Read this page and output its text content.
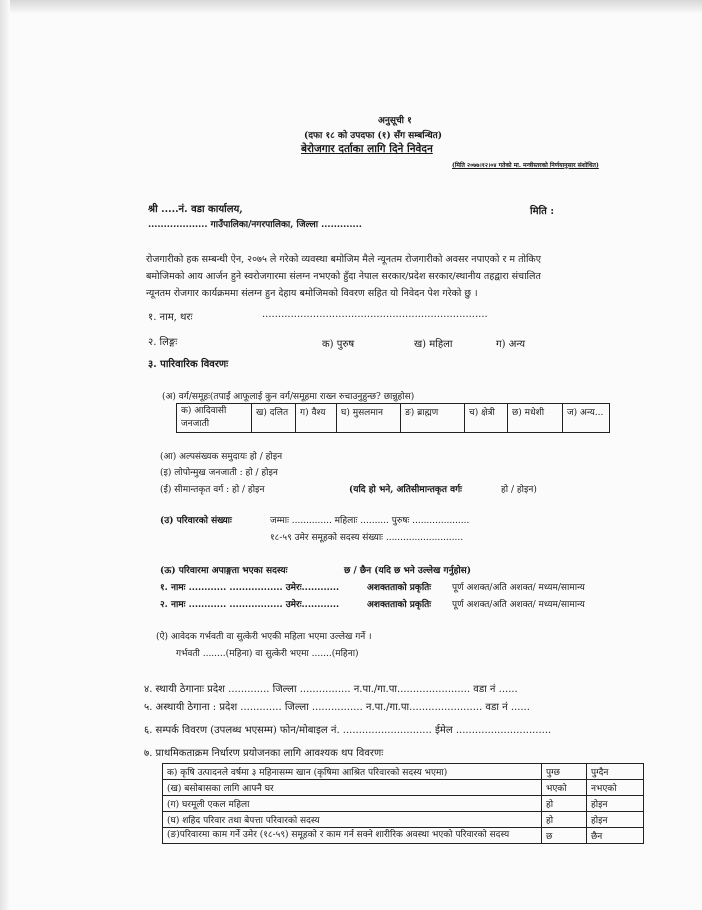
अनुसूची १
(दफा १८ को उपदफा (१) सँग सम्बन्धित)
बेरोजगार दर्ताका लागि दिने निवेदन
(मिति २०७७।१२।०४ गतेको मा. मन्त्रीस्तरको निर्णयानुसार संशोधित)
श्री .....नं. वडा कार्यालय,	मिति :
................... गाउँपालिका/नगरपालिका, जिल्ला .............
रोजगारीको हक सम्बन्धी ऐन, २०७५ ले गरेको व्यवस्था बमोजिम मैले न्यूनतम रोजगारीको अवसर नपाएको र म तोकिए
बमोजिमको आय आर्जन हुने स्वरोजगारमा संलग्न नभएको हुँदा नेपाल सरकार/प्रदेश सरकार/स्थानीय तहद्वारा संचालित
न्यूनतम रोजगार कार्यक्रममा संलग्न हुन देहाय बमोजिमको विवरण सहित यो निवेदन पेश गरेको छु ।
१. नाम, थरः	.......................................................................
२. लिङ्गः	क) पुरुष	ख) महिला	ग) अन्य
३. पारिवारिक विवरणः
(अ) वर्ग/समूहः(तपाईं आफूलाई कुन वर्ग/समूहमा राख्न रुचाउनुहुन्छ? छान्नुहोस)
क) आदिवासी जनजाती	ख) दलित	ग) वैश्य	घ) मुसलमान	ङ) ब्राह्मण	च) क्षेत्री	छ) मधेशी	ज) अन्य...
(आ) अल्पसंख्यक समुदायः हो / होइन
(इ) लोपोन्मुख जनजाती : हो / होइन
(ई) सीमान्तकृत वर्ग : हो / होइन	(यदि हो भने, अतिसीमान्तकृत वर्गः	हो / होइन)
(उ) परिवारको संख्याः	जम्माः .............. महिलाः .......... पुरुषः ....................
१८-५९ उमेर समूहको सदस्य संख्याः ...........................
(ऊ) परिवारमा अपाङ्गता भएका सदस्यः	छ / छैन (यदि छ भने उल्लेख गर्नुहोस)
१. नामः ............ ................. उमेरः............	अशक्तताको प्रकृतिः पूर्ण अशक्त/अति अशक्त/ मध्यम/सामान्य
२. नामः ............ ................. उमेरः............	अशक्तताको प्रकृतिः पूर्ण अशक्त/अति अशक्त/ मध्यम/सामान्य
(ऐ) आवेदक गर्भवती वा सुत्केरी भएकी महिला भएमा उल्लेख गर्ने ।
गर्भवती ........(महिना) वा सुत्केरी भएमा .......(महिना)
४. स्थायी ठेगानाः प्रदेश ............. जिल्ला ................ न.पा./गा.पा....................... वडा नं ......
५. अस्थायी ठेगाना : प्रदेश ............. जिल्ला ................ न.पा./गा.पा....................... वडा नं ......
६. सम्पर्क विवरण (उपलब्ध भएसम्म) फोन/मोबाइल नं. ............................ ईमेल ..............................
७. प्राथमिकताक्रम निर्धारण प्रयोजनका लागि आवश्यक थप विवरणः
क) कृषि उत्पादनले वर्षमा ३ महिनासम्म खान (कृषिमा आश्रित परिवारको सदस्य भएमा)	पुग्छ	पुग्दैन
(ख) बसोबासका लागि आफ्नै घर	भएको	नभएको
(ग) घरमूली एकल महिला	हो	होइन
(घ) शहिद परिवार तथा बेपत्ता परिवारको सदस्य	हो	होइन
(ङ)परिवारमा काम गर्ने उमेर (१८-५९) समूहको र काम गर्न सक्ने शारीरिक अवस्था भएको परिवारको सदस्य	छ	छैन
